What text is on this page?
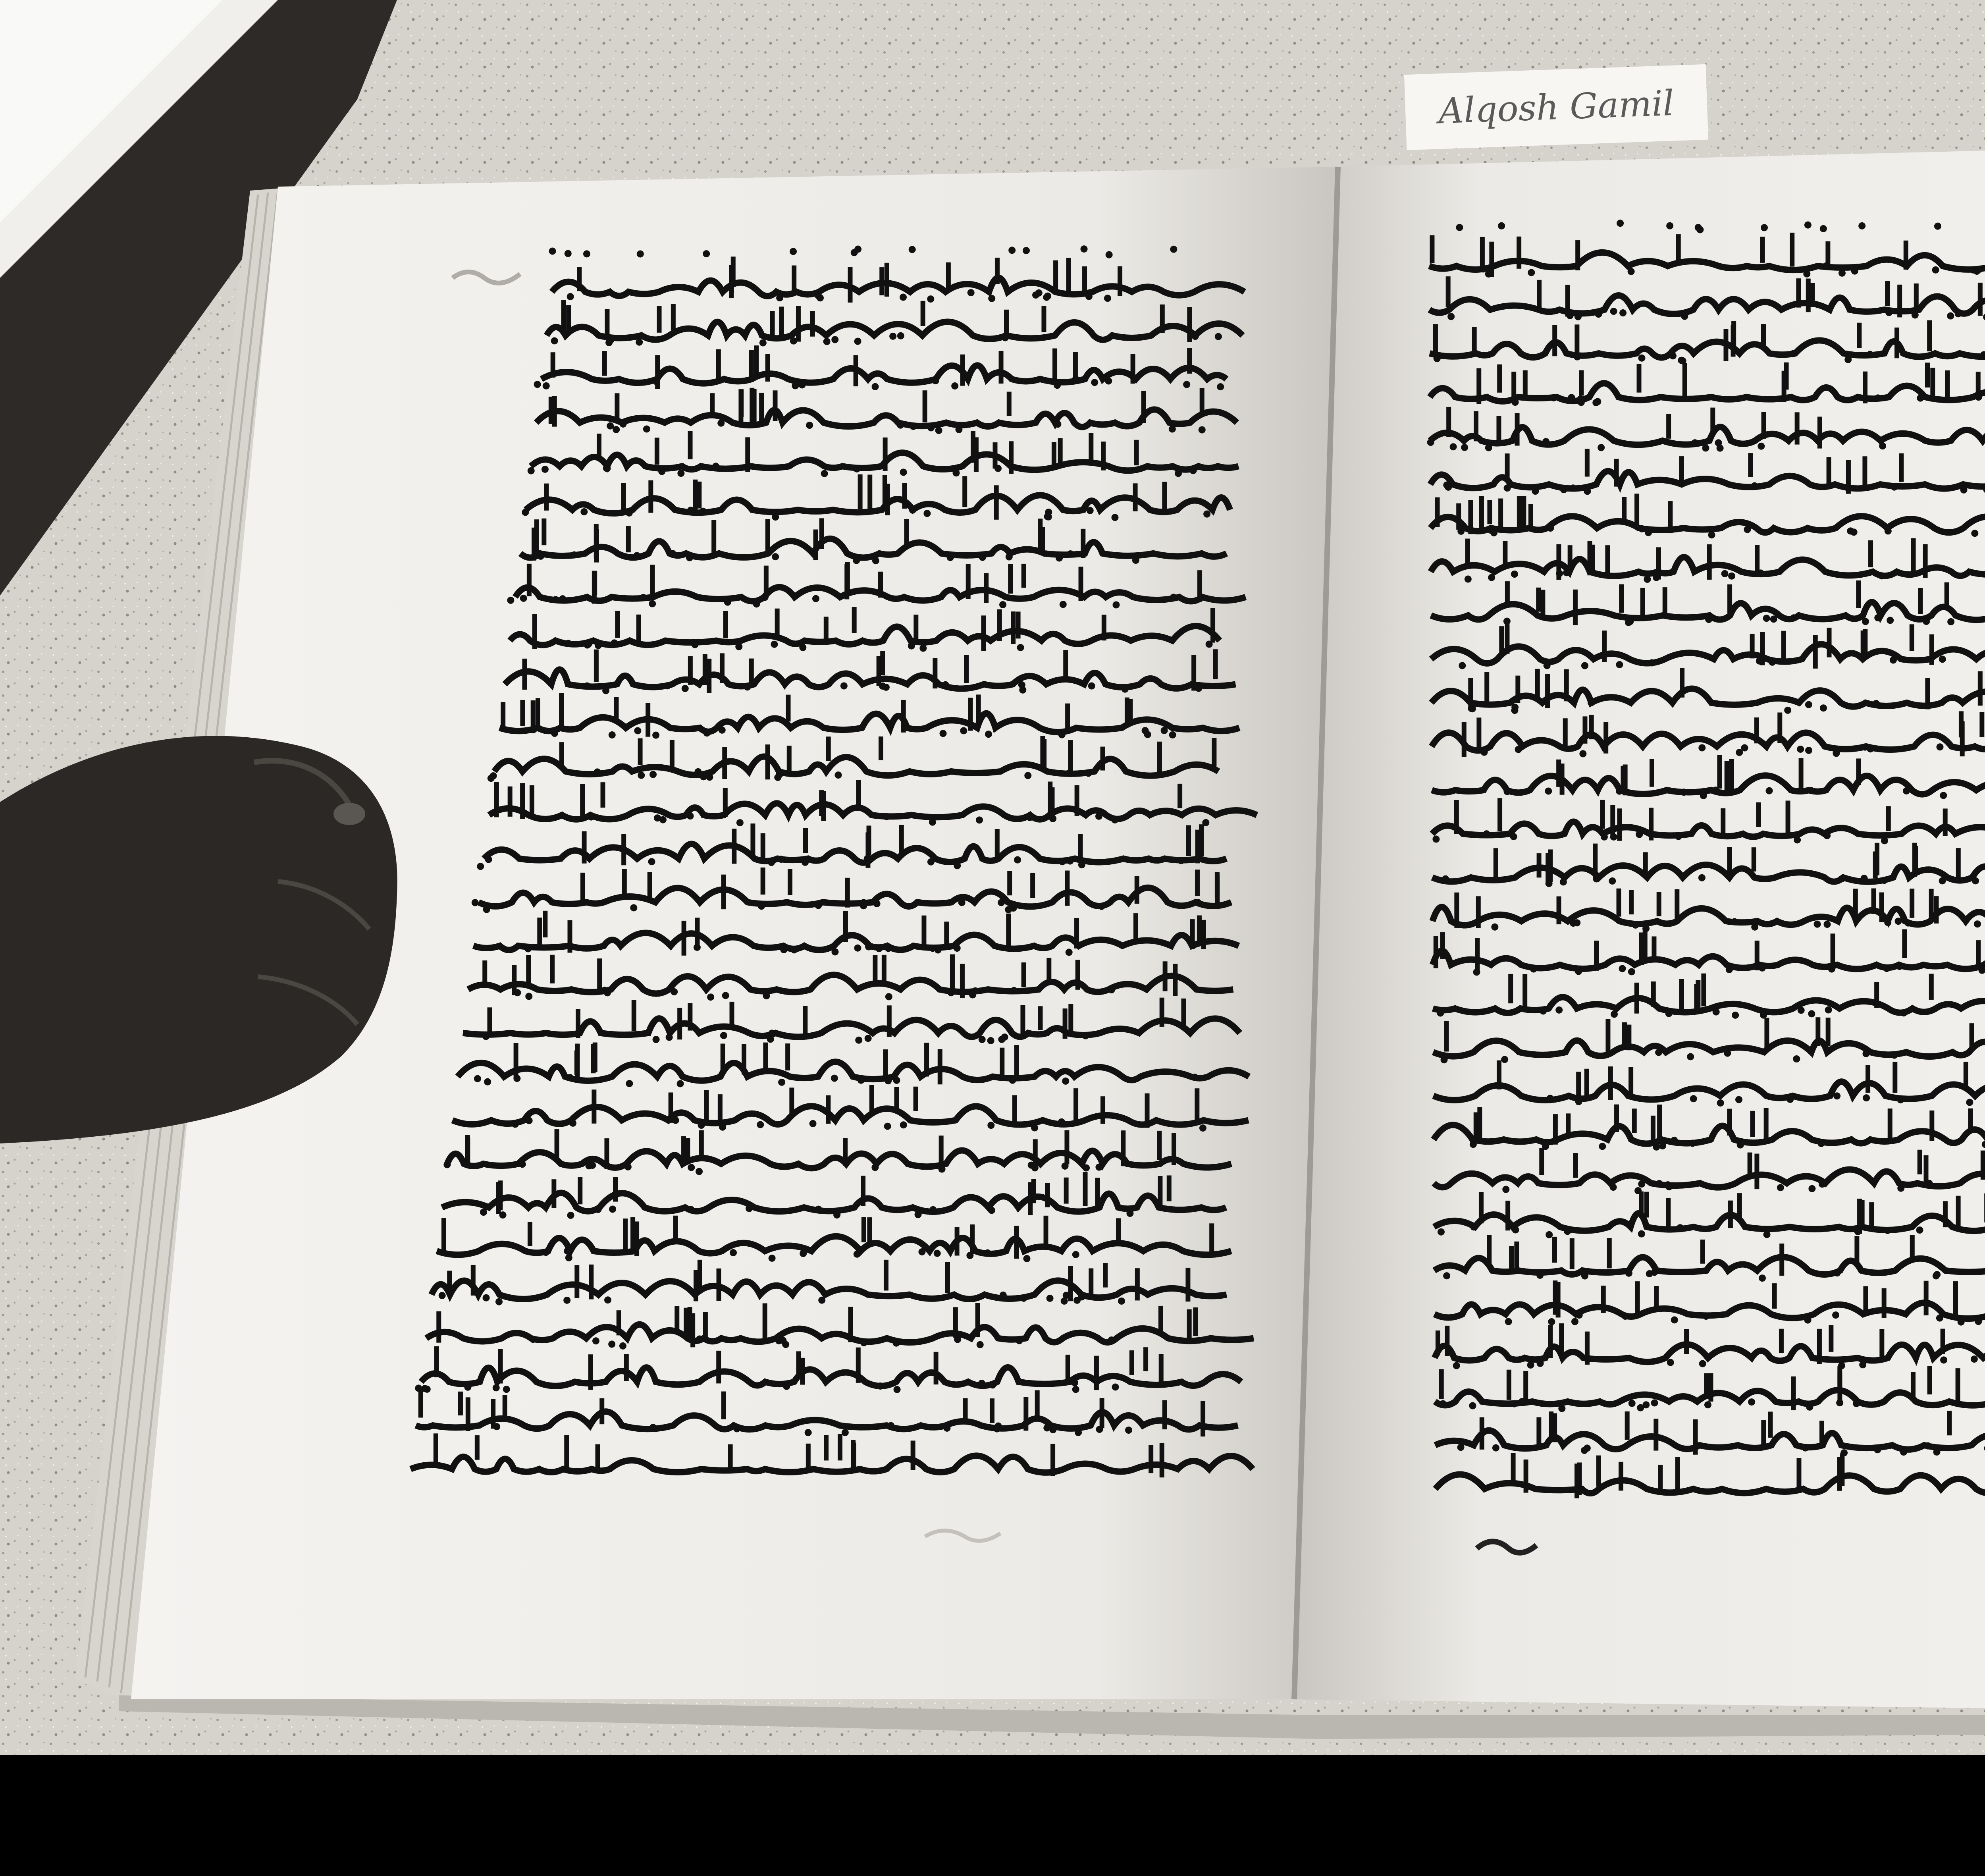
Alqosh Gamil
